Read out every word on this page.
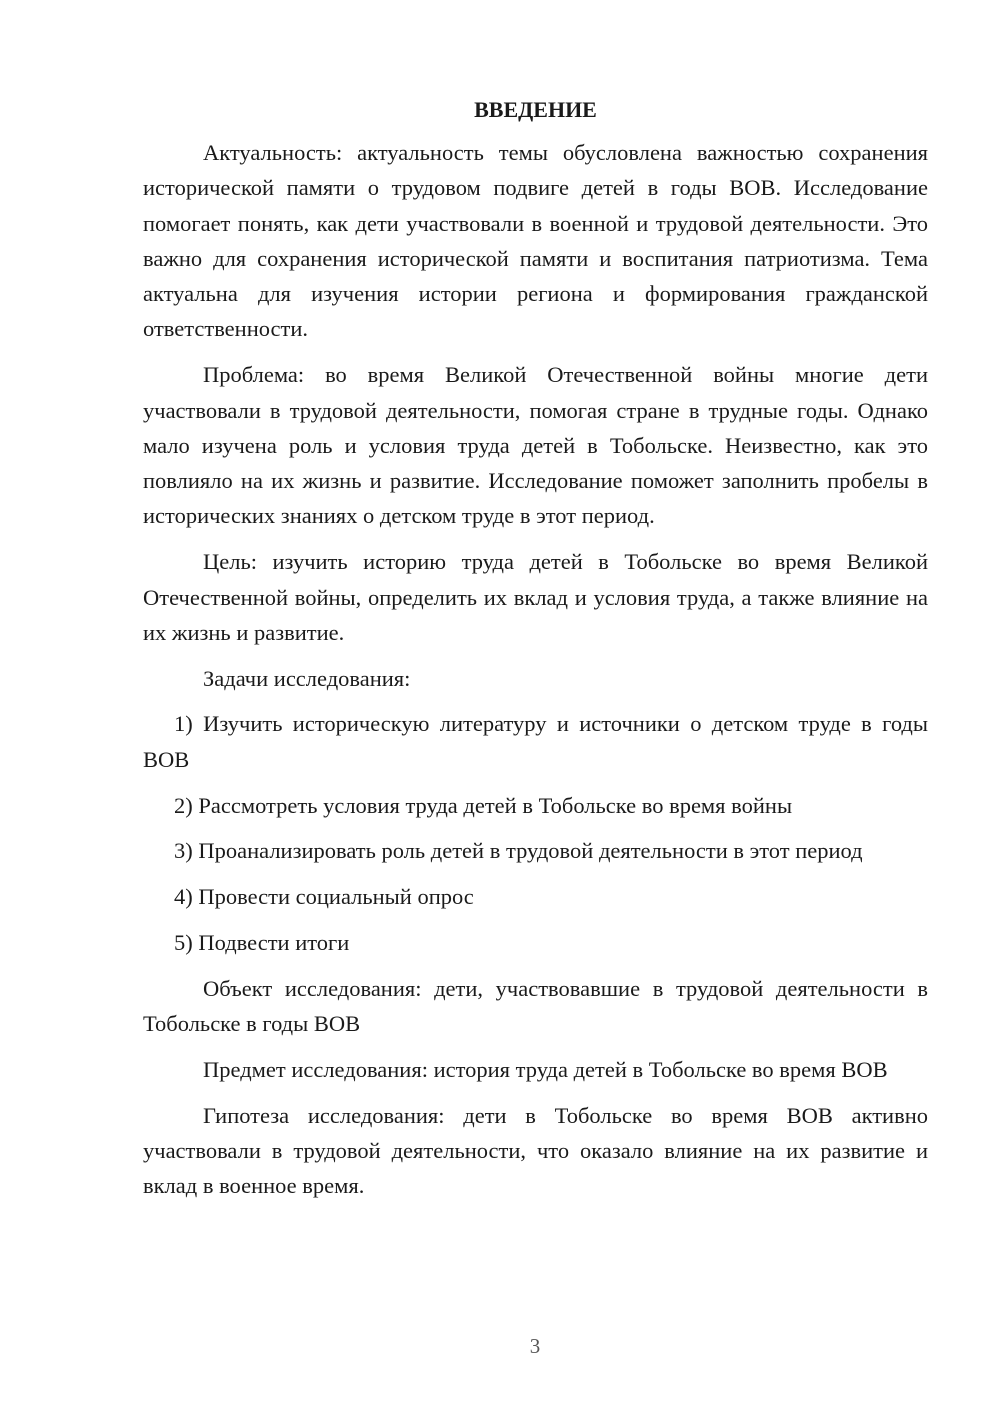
ВВЕДЕНИЕ

Актуальность: актуальность темы обусловлена важностью сохранения исторической памяти о трудовом подвиге детей в годы ВОВ. Исследование помогает понять, как дети участвовали в военной и трудовой деятельности. Это важно для сохранения исторической памяти и воспитания патриотизма. Тема актуальна для изучения истории региона и формирования гражданской ответственности.

Проблема: во время Великой Отечественной войны многие дети участвовали в трудовой деятельности, помогая стране в трудные годы. Однако мало изучена роль и условия труда детей в Тобольске. Неизвестно, как это повлияло на их жизнь и развитие. Исследование поможет заполнить пробелы в исторических знаниях о детском труде в этот период.

Цель: изучить историю труда детей в Тобольске во время Великой Отечественной войны, определить их вклад и условия труда, а также влияние на их жизнь и развитие.

Задачи исследования:

1) Изучить историческую литературу и источники о детском труде в годы ВОВ

2) Рассмотреть условия труда детей в Тобольске во время войны

3) Проанализировать роль детей в трудовой деятельности в этот период

4) Провести социальный опрос

5) Подвести итоги

Объект исследования: дети, участвовавшие в трудовой деятельности в Тобольске в годы ВОВ

Предмет исследования: история труда детей в Тобольске во время ВОВ

Гипотеза исследования: дети в Тобольске во время ВОВ активно участвовали в трудовой деятельности, что оказало влияние на их развитие и вклад в военное время.

3
